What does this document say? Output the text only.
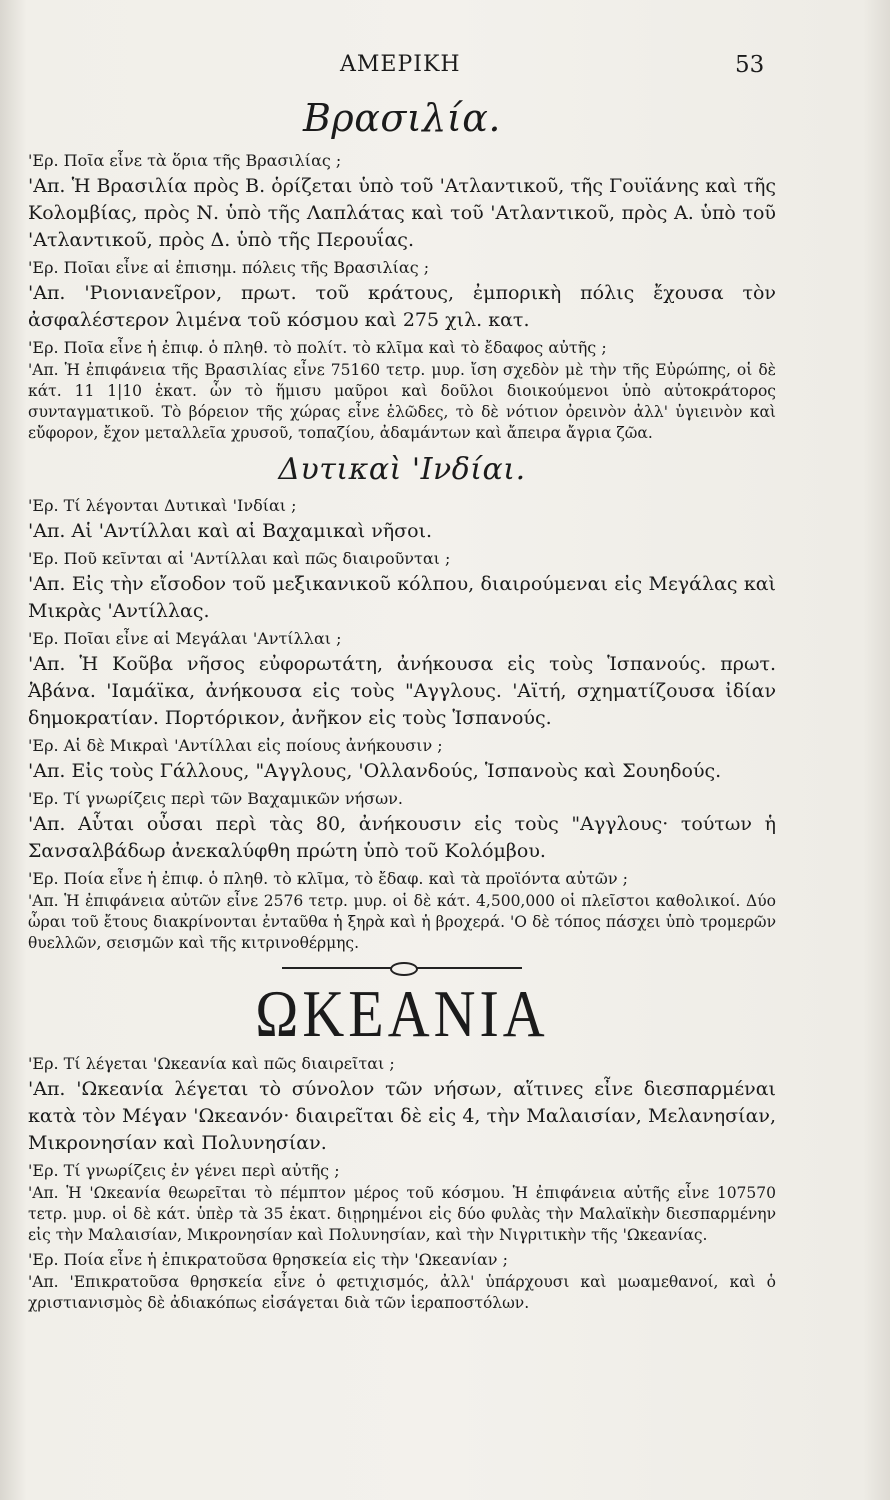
ΑΜΕΡΙΚΗ	53
Βρασιλία.

'Ερ. Ποῖα εἶνε τὰ ὅρια τῆς Βρασιλίας ;

'Απ. Ἡ Βρασιλία πρὸς Β. ὁρίζεται ὑπὸ τοῦ 'Ατλαντικοῦ, τῆς Γουϊάνης καὶ τῆς Κολομβίας, πρὸς Ν. ὑπὸ τῆς Λαπλάτας καὶ τοῦ 'Ατλαντικοῦ, πρὸς Α. ὑπὸ τοῦ 'Ατλαντικοῦ, πρὸς Δ. ὑπὸ τῆς Περουΐας.

'Ερ. Ποῖαι εἶνε αἱ ἐπισημ. πόλεις τῆς Βρασιλίας ;

'Απ. 'Ριονιανεῖρον, πρωτ. τοῦ κράτους, ἐμπορικὴ πόλις ἔχουσα τὸν ἀσφαλέστερον λιμένα τοῦ κόσμου καὶ 275 χιλ. κατ.

'Ερ. Ποῖα εἶνε ἡ ἐπιφ. ὁ πληθ. τὸ πολίτ. τὸ κλῖμα καὶ τὸ ἔδαφος αὐτῆς ;

'Απ. Ἡ ἐπιφάνεια τῆς Βρασιλίας εἶνε 75160 τετρ. μυρ. ἴση σχεδὸν μὲ τὴν τῆς Εὐρώπης, οἱ δὲ κάτ. 11 1|10 ἑκατ. ὧν τὸ ἥμισυ μαῦροι καὶ δοῦλοι διοικούμενοι ὑπὸ αὐτοκράτορος συνταγματικοῦ. Τὸ βόρειον τῆς χώρας εἶνε ἑλῶδες, τὸ δὲ νότιον ὀρεινὸν ἀλλ' ὑγιεινὸν καὶ εὔφορον, ἔχον μεταλλεῖα χρυσοῦ, τοπαζίου, ἀδαμάντων καὶ ἄπειρα ἄγρια ζῶα.

Δυτικαὶ 'Ινδίαι.

'Ερ. Τί λέγονται Δυτικαὶ 'Ινδίαι ;

'Απ. Αἱ 'Αντίλλαι καὶ αἱ Βαχαμικαὶ νῆσοι.

'Ερ. Ποῦ κεῖνται αἱ 'Αντίλλαι καὶ πῶς διαιροῦνται ;

'Απ. Εἰς τὴν εἴσοδον τοῦ μεξικανικοῦ κόλπου, διαιρούμεναι εἰς Μεγάλας καὶ Μικρὰς 'Αντίλλας.

'Ερ. Ποῖαι εἶνε αἱ Μεγάλαι 'Αντίλλαι ;

'Απ. Ἡ Κοῦβα νῆσος εὐφορωτάτη, ἀνήκουσα εἰς τοὺς Ἱσπανούς. πρωτ. Ἁβάνα. 'Ιαμάϊκα, ἀνήκουσα εἰς τοὺς "Αγγλους. 'Αϊτή, σχηματίζουσα ἰδίαν δημοκρατίαν. Πορτόρικον, ἀνῆκον εἰς τοὺς Ἱσπανούς.

'Ερ. Αἱ δὲ Μικραὶ 'Αντίλλαι εἰς ποίους ἀνήκουσιν ;

'Απ. Εἰς τοὺς Γάλλους, "Αγγλους, 'Ολλανδούς, Ἱσπανοὺς καὶ Σουηδούς.

'Ερ. Τί γνωρίζεις περὶ τῶν Βαχαμικῶν νήσων.

'Απ. Αὗται οὖσαι περὶ τὰς 80, ἀνήκουσιν εἰς τοὺς "Αγγλους· τούτων ἡ Σανσαλβάδωρ ἀνεκαλύφθη πρώτη ὑπὸ τοῦ Κολόμβου.

'Ερ. Ποία εἶνε ἡ ἐπιφ. ὁ πληθ. τὸ κλῖμα, τὸ ἔδαφ. καὶ τὰ προϊόντα αὐτῶν ;

'Απ. Ἡ ἐπιφάνεια αὐτῶν εἶνε 2576 τετρ. μυρ. οἱ δὲ κάτ. 4,500,000 οἱ πλεῖστοι καθολικοί. Δύο ὧραι τοῦ ἔτους διακρίνονται ἐνταῦθα ἡ ξηρὰ καὶ ἡ βροχερά. 'Ο δὲ τόπος πάσχει ὑπὸ τρομερῶν θυελλῶν, σεισμῶν καὶ τῆς κιτρινοθέρμης.

ΩΚΕΑΝΙΑ

'Ερ. Τί λέγεται 'Ωκεανία καὶ πῶς διαιρεῖται ;

'Απ. 'Ωκεανία λέγεται τὸ σύνολον τῶν νήσων, αἵτινες εἶνε διεσπαρμέναι κατὰ τὸν Μέγαν 'Ωκεανόν· διαιρεῖται δὲ εἰς 4, τὴν Μαλαισίαν, Μελανησίαν, Μικρονησίαν καὶ Πολυνησίαν.

'Ερ. Τί γνωρίζεις ἐν γένει περὶ αὐτῆς ;

'Απ. Ἡ 'Ωκεανία θεωρεῖται τὸ πέμπτον μέρος τοῦ κόσμου. Ἡ ἐπιφάνεια αὐτῆς εἶνε 107570 τετρ. μυρ. οἱ δὲ κάτ. ὑπὲρ τὰ 35 ἑκατ. διῃρημένοι εἰς δύο φυλὰς τὴν Μαλαϊκὴν διεσπαρμένην εἰς τὴν Μαλαισίαν, Μικρονησίαν καὶ Πολυνησίαν, καὶ τὴν Νιγριτικὴν τῆς 'Ωκεανίας.

'Ερ. Ποία εἶνε ἡ ἐπικρατοῦσα θρησκεία εἰς τὴν 'Ωκεανίαν ;

'Απ. 'Επικρατοῦσα θρησκεία εἶνε ὁ φετιχισμός, ἀλλ' ὑπάρχουσι καὶ μωαμεθανοί, καὶ ὁ χριστιανισμὸς δὲ ἀδιακόπως εἰσάγεται διὰ τῶν ἱεραποστόλων.
